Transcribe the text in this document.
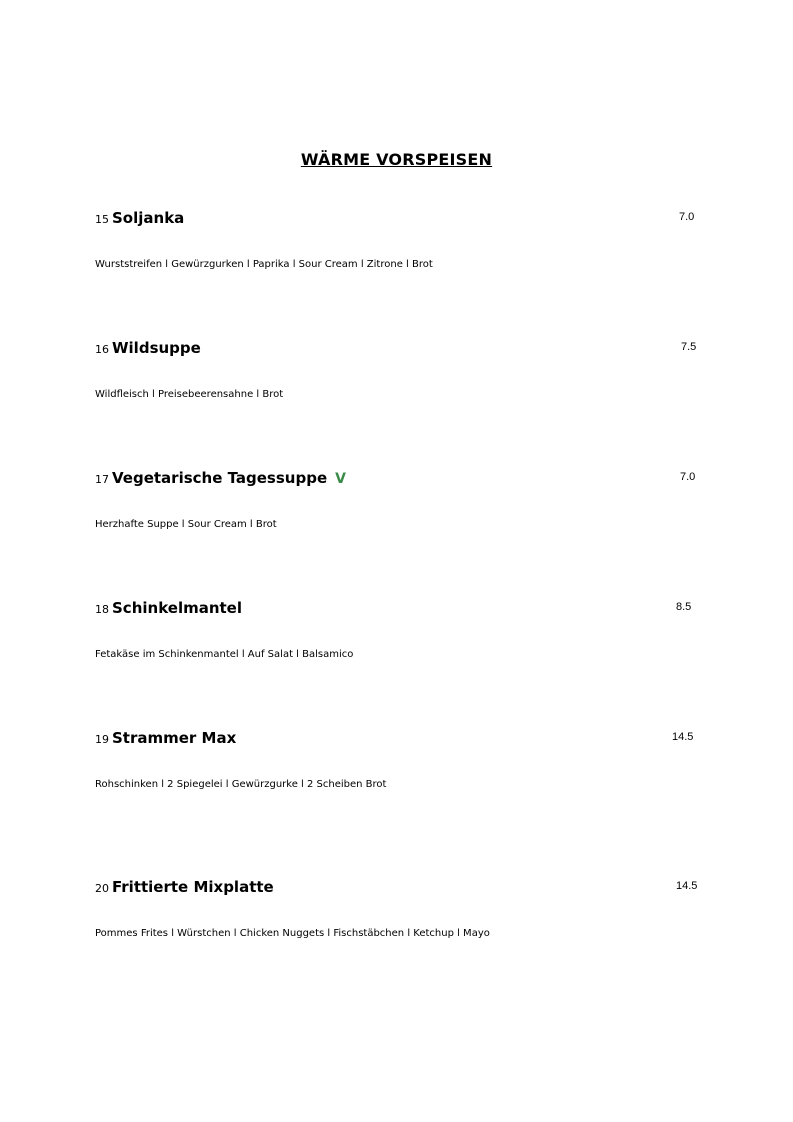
WÄRME VORSPEISEN
15 Soljanka	7.0
Wurststreifen l Gewürzgurken l Paprika l Sour Cream l Zitrone l Brot
16 Wildsuppe	7.5
Wildfleisch l Preisebeerensahne l Brot
17 Vegetarische Tagessuppe V	7.0
Herzhafte Suppe l Sour Cream l Brot
18 Schinkelmantel	8.5
Fetakäse im Schinkenmantel l Auf Salat l Balsamico
19 Strammer Max	14.5
Rohschinken l 2 Spiegelei l Gewürzgurke l 2 Scheiben Brot
20 Frittierte Mixplatte	14.5
Pommes Frites l Würstchen l Chicken Nuggets l Fischstäbchen l Ketchup l Mayo
